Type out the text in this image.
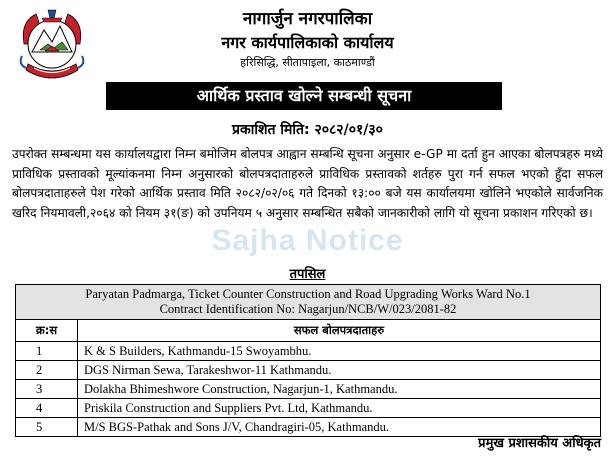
नागार्जुन नगरपालिका
नगर कार्यपालिकाको कार्यालय
हरिसिद्धि, सीतापाइला, काठमाण्डौं
आर्थिक प्रस्ताव खोल्ने सम्बन्धी सूचना
प्रकाशित मिति: २०८२/०१/३०

उपरोक्त सम्बन्धमा यस कार्यालयद्वारा निम्न बमोजिम बोलपत्र आह्वान सम्बन्धि सूचना अनुसार e-GP मा दर्ता हुन आएका बोलपत्रहरु मध्ये प्राविधिक प्रस्तावको मूल्यांकनमा निम्न अनुसारको बोलपत्रदाताहरुले प्राविधिक प्रस्तावको शर्तहरु पुरा गर्न सफल भएको हुँदा सफल बोलपत्रदाताहरुले पेश गरेको आर्थिक प्रस्ताव मिति २०८२/०२/०६ गते दिनको १३:०० बजे यस कार्यालयमा खोलिने भएकोले सार्वजनिक खरिद नियमावली,२०६४ को नियम ३१(ङ) को उपनियम ५ अनुसार सम्बन्धित सबैको जानकारीको लागि यो सूचना प्रकाशन गरिएको छ।

Sajha Notice
तपसिल
Paryatan Padmarga, Ticket Counter Construction and Road Upgrading Works Ward No.1
Contract Identification No: Nagarjun/NCB/W/023/2081-82	
क्र:स	सफल बोलपत्रदाताहरु
1	K & S Builders, Kathmandu-15 Swoyambhu.
2	DGS Nirman Sewa, Tarakeshwor-11 Kathmandu.
3	Dolakha Bhimeshwore Construction, Nagarjun-1, Kathmandu.
4	Priskila Construction and Suppliers Pvt. Ltd, Kathmandu.
5	M/S BGS-Pathak and Sons J/V, Chandragiri-05, Kathmandu.
प्रमुख प्रशासकीय अधिकृत
